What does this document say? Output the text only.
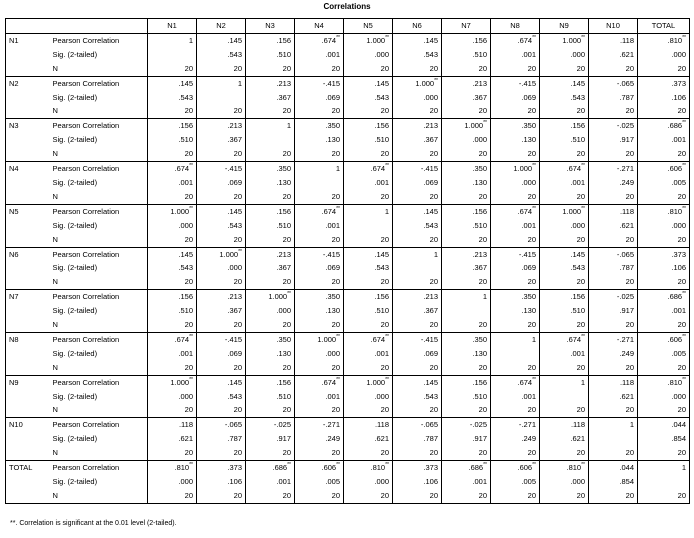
Correlations
		N1	N2	N3	N4	N5	N6	N7	N8	N9	N10	TOTAL
N1	Pearson Correlation	1	.145	.156	.674**	1.000**	.145	.156	.674**	1.000**	.118	.810**
	Sig. (2-tailed)		.543	.510	.001	.000	.543	.510	.001	.000	.621	.000
	N	20	20	20	20	20	20	20	20	20	20	20
N2	Pearson Correlation	.145	1	.213	-.415	.145	1.000**	.213	-.415	.145	-.065	.373
	Sig. (2-tailed)	.543		.367	.069	.543	.000	.367	.069	.543	.787	.106
	N	20	20	20	20	20	20	20	20	20	20	20
N3	Pearson Correlation	.156	.213	1	.350	.156	.213	1.000**	.350	.156	-.025	.686**
	Sig. (2-tailed)	.510	.367		.130	.510	.367	.000	.130	.510	.917	.001
	N	20	20	20	20	20	20	20	20	20	20	20
N4	Pearson Correlation	.674**	-.415	.350	1	.674**	-.415	.350	1.000**	.674**	-.271	.606**
	Sig. (2-tailed)	.001	.069	.130		.001	.069	.130	.000	.001	.249	.005
	N	20	20	20	20	20	20	20	20	20	20	20
N5	Pearson Correlation	1.000**	.145	.156	.674**	1	.145	.156	.674**	1.000**	.118	.810**
	Sig. (2-tailed)	.000	.543	.510	.001		.543	.510	.001	.000	.621	.000
	N	20	20	20	20	20	20	20	20	20	20	20
N6	Pearson Correlation	.145	1.000**	.213	-.415	.145	1	.213	-.415	.145	-.065	.373
	Sig. (2-tailed)	.543	.000	.367	.069	.543		.367	.069	.543	.787	.106
	N	20	20	20	20	20	20	20	20	20	20	20
N7	Pearson Correlation	.156	.213	1.000**	.350	.156	.213	1	.350	.156	-.025	.686**
	Sig. (2-tailed)	.510	.367	.000	.130	.510	.367		.130	.510	.917	.001
	N	20	20	20	20	20	20	20	20	20	20	20
N8	Pearson Correlation	.674**	-.415	.350	1.000**	.674**	-.415	.350	1	.674**	-.271	.606**
	Sig. (2-tailed)	.001	.069	.130	.000	.001	.069	.130		.001	.249	.005
	N	20	20	20	20	20	20	20	20	20	20	20
N9	Pearson Correlation	1.000**	.145	.156	.674**	1.000**	.145	.156	.674**	1	.118	.810**
	Sig. (2-tailed)	.000	.543	.510	.001	.000	.543	.510	.001		.621	.000
	N	20	20	20	20	20	20	20	20	20	20	20
N10	Pearson Correlation	.118	-.065	-.025	-.271	.118	-.065	-.025	-.271	.118	1	.044
	Sig. (2-tailed)	.621	.787	.917	.249	.621	.787	.917	.249	.621		.854
	N	20	20	20	20	20	20	20	20	20	20	20
TOTAL	Pearson Correlation	.810**	.373	.686**	.606**	.810**	.373	.686**	.606**	.810**	.044	1
	Sig. (2-tailed)	.000	.106	.001	.005	.000	.106	.001	.005	.000	.854	
	N	20	20	20	20	20	20	20	20	20	20	20
**. Correlation is significant at the 0.01 level (2-tailed).
